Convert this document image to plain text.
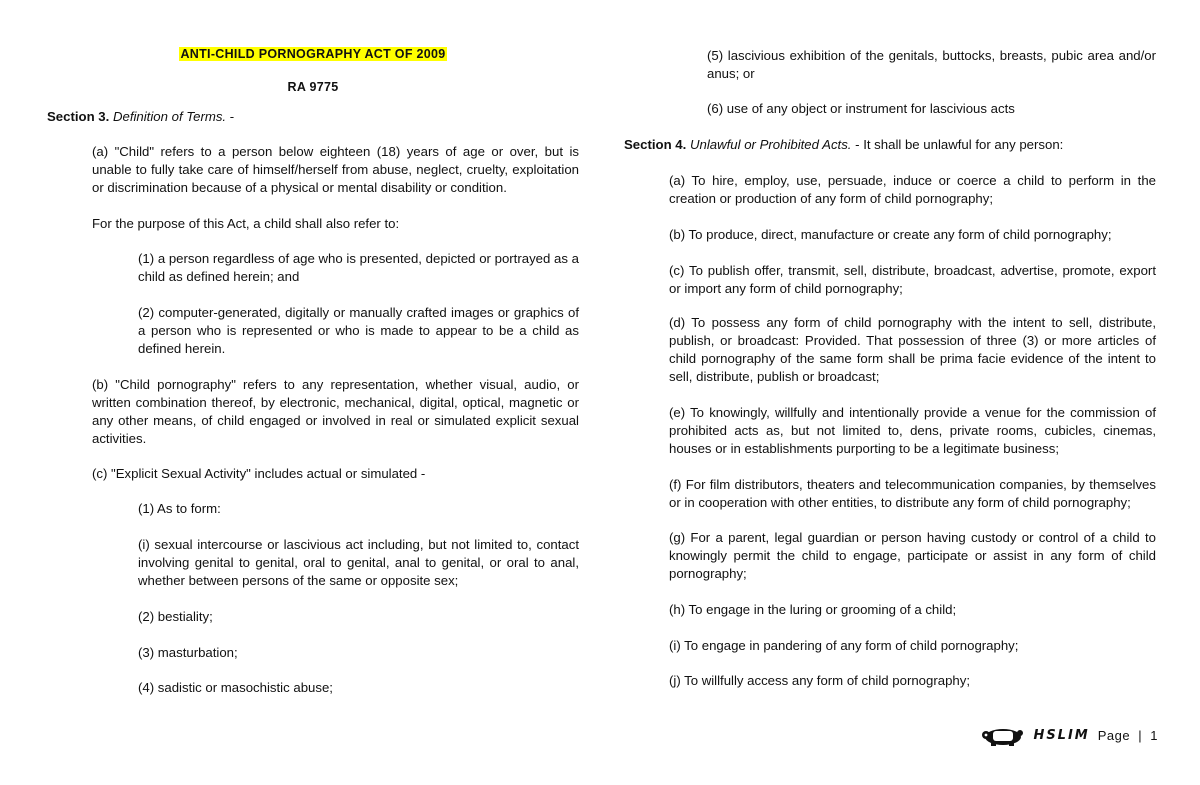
ANTI-CHILD PORNOGRAPHY ACT OF 2009
RA 9775
Section 3. Definition of Terms. -

(a) "Child" refers to a person below eighteen (18) years of age or over, but is unable to fully take care of himself/herself from abuse, neglect, cruelty, exploitation or discrimination because of a physical or mental disability or condition.

For the purpose of this Act, a child shall also refer to:

(1) a person regardless of age who is presented, depicted or portrayed as a child as defined herein; and

(2) computer-generated, digitally or manually crafted images or graphics of a person who is represented or who is made to appear to be a child as defined herein.

(b) "Child pornography" refers to any representation, whether visual, audio, or written combination thereof, by electronic, mechanical, digital, optical, magnetic or any other means, of child engaged or involved in real or simulated explicit sexual activities.

(c) "Explicit Sexual Activity" includes actual or simulated -

(1) As to form:

(i) sexual intercourse or lascivious act including, but not limited to, contact involving genital to genital, oral to genital, anal to genital, or oral to anal, whether between persons of the same or opposite sex;

(2) bestiality;

(3) masturbation;

(4) sadistic or masochistic abuse;

(5) lascivious exhibition of the genitals, buttocks, breasts, pubic area and/or anus; or

(6) use of any object or instrument for lascivious acts

Section 4. Unlawful or Prohibited Acts. - It shall be unlawful for any person:

(a) To hire, employ, use, persuade, induce or coerce a child to perform in the creation or production of any form of child pornography;

(b) To produce, direct, manufacture or create any form of child pornography;

(c) To publish offer, transmit, sell, distribute, broadcast, advertise, promote, export or import any form of child pornography;

(d) To possess any form of child pornography with the intent to sell, distribute, publish, or broadcast: Provided. That possession of three (3) or more articles of child pornography of the same form shall be prima facie evidence of the intent to sell, distribute, publish or broadcast;

(e) To knowingly, willfully and intentionally provide a venue for the commission of prohibited acts as, but not limited to, dens, private rooms, cubicles, cinemas, houses or in establishments purporting to be a legitimate business;

(f) For film distributors, theaters and telecommunication companies, by themselves or in cooperation with other entities, to distribute any form of child pornography;

(g) For a parent, legal guardian or person having custody or control of a child to knowingly permit the child to engage, participate or assist in any form of child pornography;

(h) To engage in the luring or grooming of a child;

(i) To engage in pandering of any form of child pornography;

(j) To willfully access any form of child pornography;

HSLIM Page | 1
